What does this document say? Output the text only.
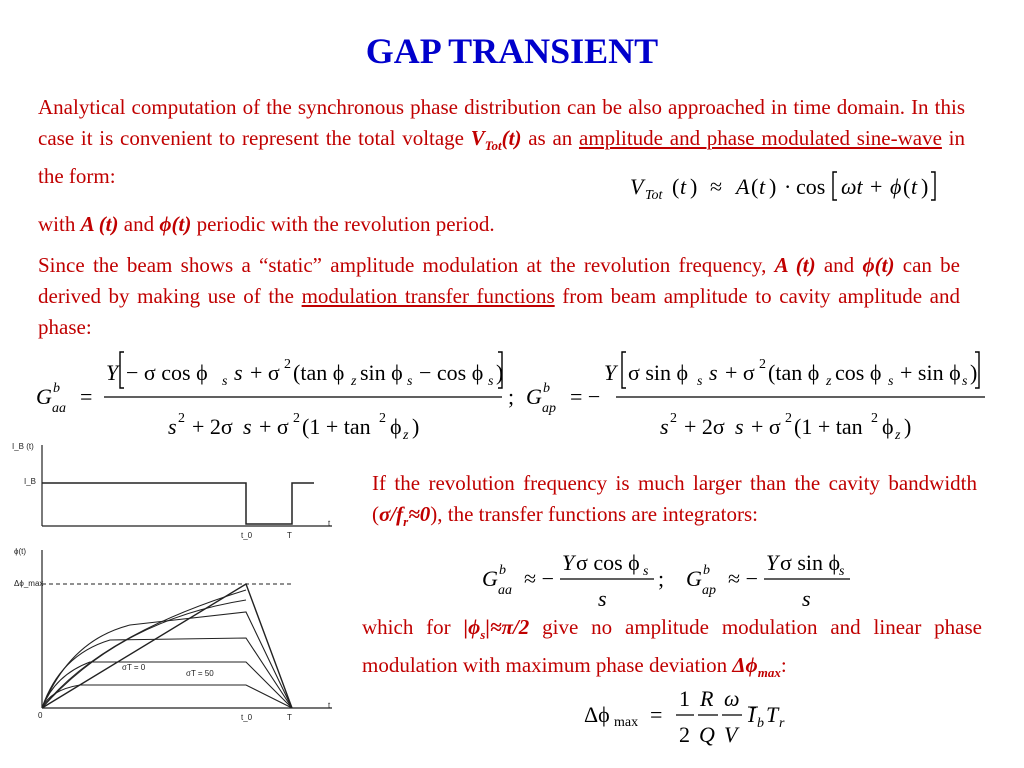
GAP TRANSIENT
Analytical computation of the synchronous phase distribution can be also approached in time domain. In this case it is convenient to represent the total voltage $V_{Tot}(t)$ as an amplitude and phase modulated sine-wave in the form:	V Tot ( t ) ≈ A ( t ) · cos ωt + ϕ ( t )
with A (t) and ϕ(t) periodic with the revolution period.
Since the beam shows a “static” amplitude modulation at the revolution frequency, A (t) and ϕ(t) can be derived by making use of the modulation transfer functions from beam amplitude to cavity amplitude and phase:
G b
aa =
Y − σ cos ϕ s s + σ 2 (tan ϕ z sin ϕ s − cos ϕ s )
s 2 + 2σ s + σ 2 (1 + tan 2 ϕ z )
; G b
ap = −
Y σ sin ϕ s s + σ 2 (tan ϕ z cos ϕ s + sin ϕ s )
s 2 + 2σ s + σ 2 (1 + tan 2 ϕ z )
I_B (t)
I_B
t_0	T
t
ϕ(t)
Δϕ_max
σT = 0
σT = 50
0	t_0	T
t
If the revolution frequency is much larger than the cavity bandwidth $(\sigma/f_r\approx 0)$, the transfer functions are integrators:
G b
aa ≈ −
Y σ cos ϕ s
s
; G b
ap ≈ −
Y σ sin ϕ
s
s
which for $|\phi_s|\approx\pi/2$ give no amplitude modulation and linear phase modulation with maximum phase deviation $\Delta\phi_{max}$:
Δϕ max =
1
2
R
Q
ω
V
I b T r
